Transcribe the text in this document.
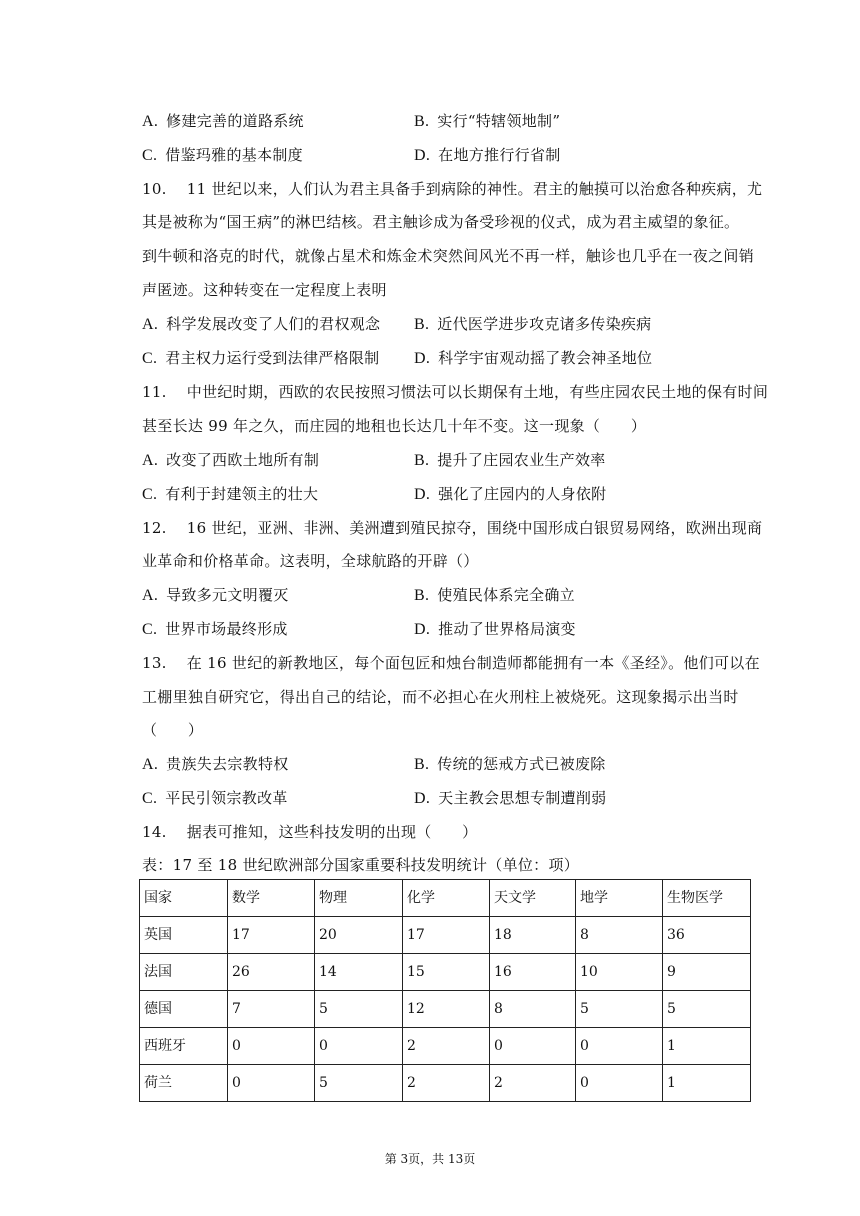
A. 修建完善的道路系统	B. 实行“特辖领地制”
C. 借鉴玛雅的基本制度	D. 在地方推行行省制
10. 11 世纪以来，人们认为君主具备手到病除的神性。君主的触摸可以治愈各种疾病，尤
其是被称为“国王病”的淋巴结核。君主触诊成为备受珍视的仪式，成为君主威望的象征。
到牛顿和洛克的时代，就像占星术和炼金术突然间风光不再一样，触诊也几乎在一夜之间销
声匿迹。这种转变在一定程度上表明
A. 科学发展改变了人们的君权观念 B. 近代医学进步攻克诸多传染疾病
C. 君主权力运行受到法律严格限制 D. 科学宇宙观动摇了教会神圣地位
11. 中世纪时期，西欧的农民按照习惯法可以长期保有土地，有些庄园农民土地的保有时间
甚至长达 99 年之久，而庄园的地租也长达几十年不变。这一现象（　　）
A. 改变了西欧土地所有制	B. 提升了庄园农业生产效率
C. 有利于封建领主的壮大	D. 强化了庄园内的人身依附
12. 16 世纪，亚洲、非洲、美洲遭到殖民掠夺，围绕中国形成白银贸易网络，欧洲出现商
业革命和价格革命。这表明，全球航路的开辟（）
A. 导致多元文明覆灭	B. 使殖民体系完全确立
C. 世界市场最终形成	D. 推动了世界格局演变
13. 在 16 世纪的新教地区，每个面包匠和烛台制造师都能拥有一本《圣经》。他们可以在
工棚里独自研究它，得出自己的结论，而不必担心在火刑柱上被烧死。这现象揭示出当时
（　　）
A. 贵族失去宗教特权	B. 传统的惩戒方式已被废除
C. 平民引领宗教改革	D. 天主教会思想专制遭削弱
14. 据表可推知，这些科技发明的出现（　　）
表：17 至 18 世纪欧洲部分国家重要科技发明统计（单位：项）
国家	数学	物理	化学	天文学	地学	生物医学
英国	17	20	17	18	8	36
法国	26	14	15	16	10	9
德国	7	5	12	8	5	5
西班牙	0	0	2	0	0	1
荷兰	0	5	2	2	0	1
第 3页，共 13页
